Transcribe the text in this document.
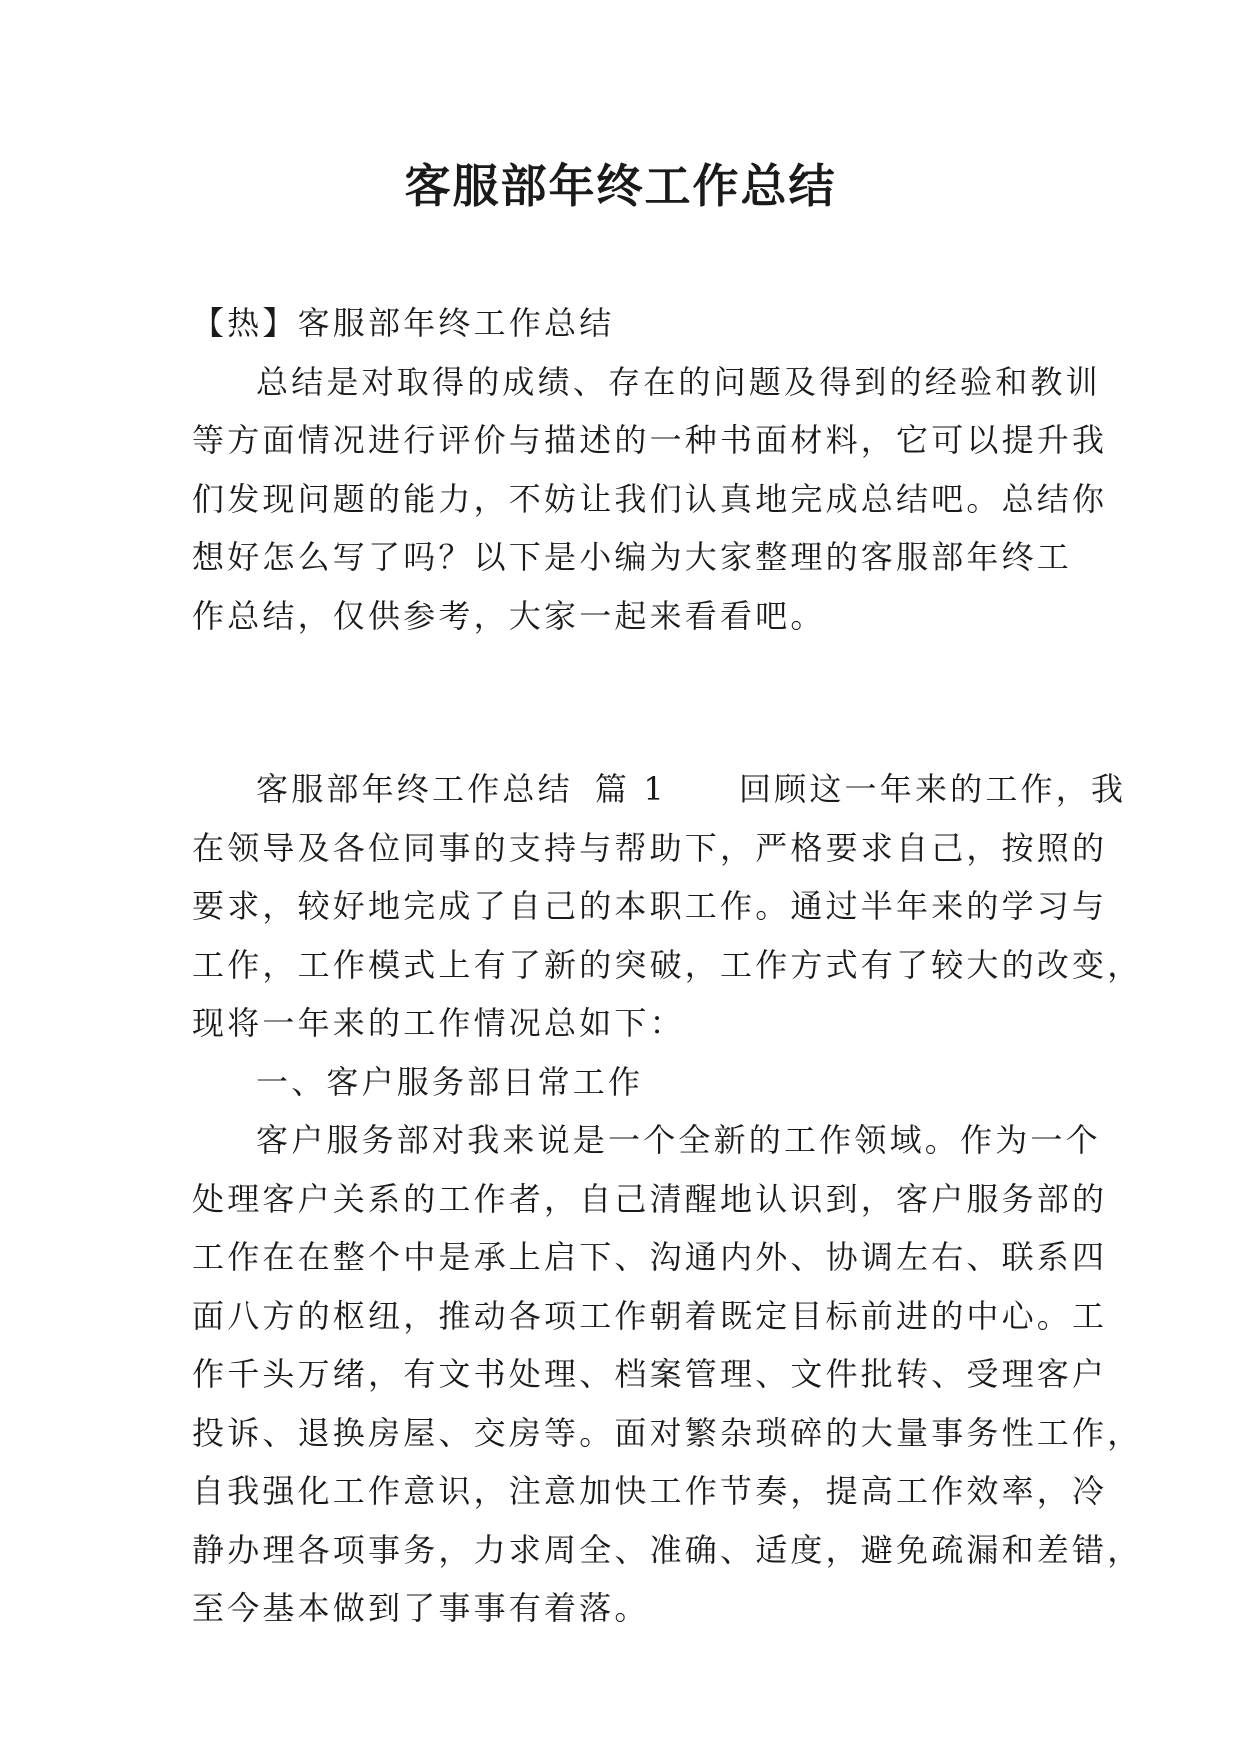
客服部年终工作总结
【热】客服部年终工作总结
总结是对取得的成绩、存在的问题及得到的经验和教训
等方面情况进行评价与描述的一种书面材料，它可以提升我
们发现问题的能力，不妨让我们认真地完成总结吧。总结你
想好怎么写了吗？以下是小编为大家整理的客服部年终工
作总结，仅供参考，大家一起来看看吧。
客服部年终工作总结 篇 1 回顾这一年来的工作，我
在领导及各位同事的支持与帮助下，严格要求自己，按照的
要求，较好地完成了自己的本职工作。通过半年来的学习与
工作，工作模式上有了新的突破，工作方式有了较大的改变，
现将一年来的工作情况总如下：
一、客户服务部日常工作
客户服务部对我来说是一个全新的工作领域。作为一个
处理客户关系的工作者，自己清醒地认识到，客户服务部的
工作在在整个中是承上启下、沟通内外、协调左右、联系四
面八方的枢纽，推动各项工作朝着既定目标前进的中心。工
作千头万绪，有文书处理、档案管理、文件批转、受理客户
投诉、退换房屋、交房等。面对繁杂琐碎的大量事务性工作，
自我强化工作意识，注意加快工作节奏，提高工作效率，冷
静办理各项事务，力求周全、准确、适度，避免疏漏和差错，
至今基本做到了事事有着落。
